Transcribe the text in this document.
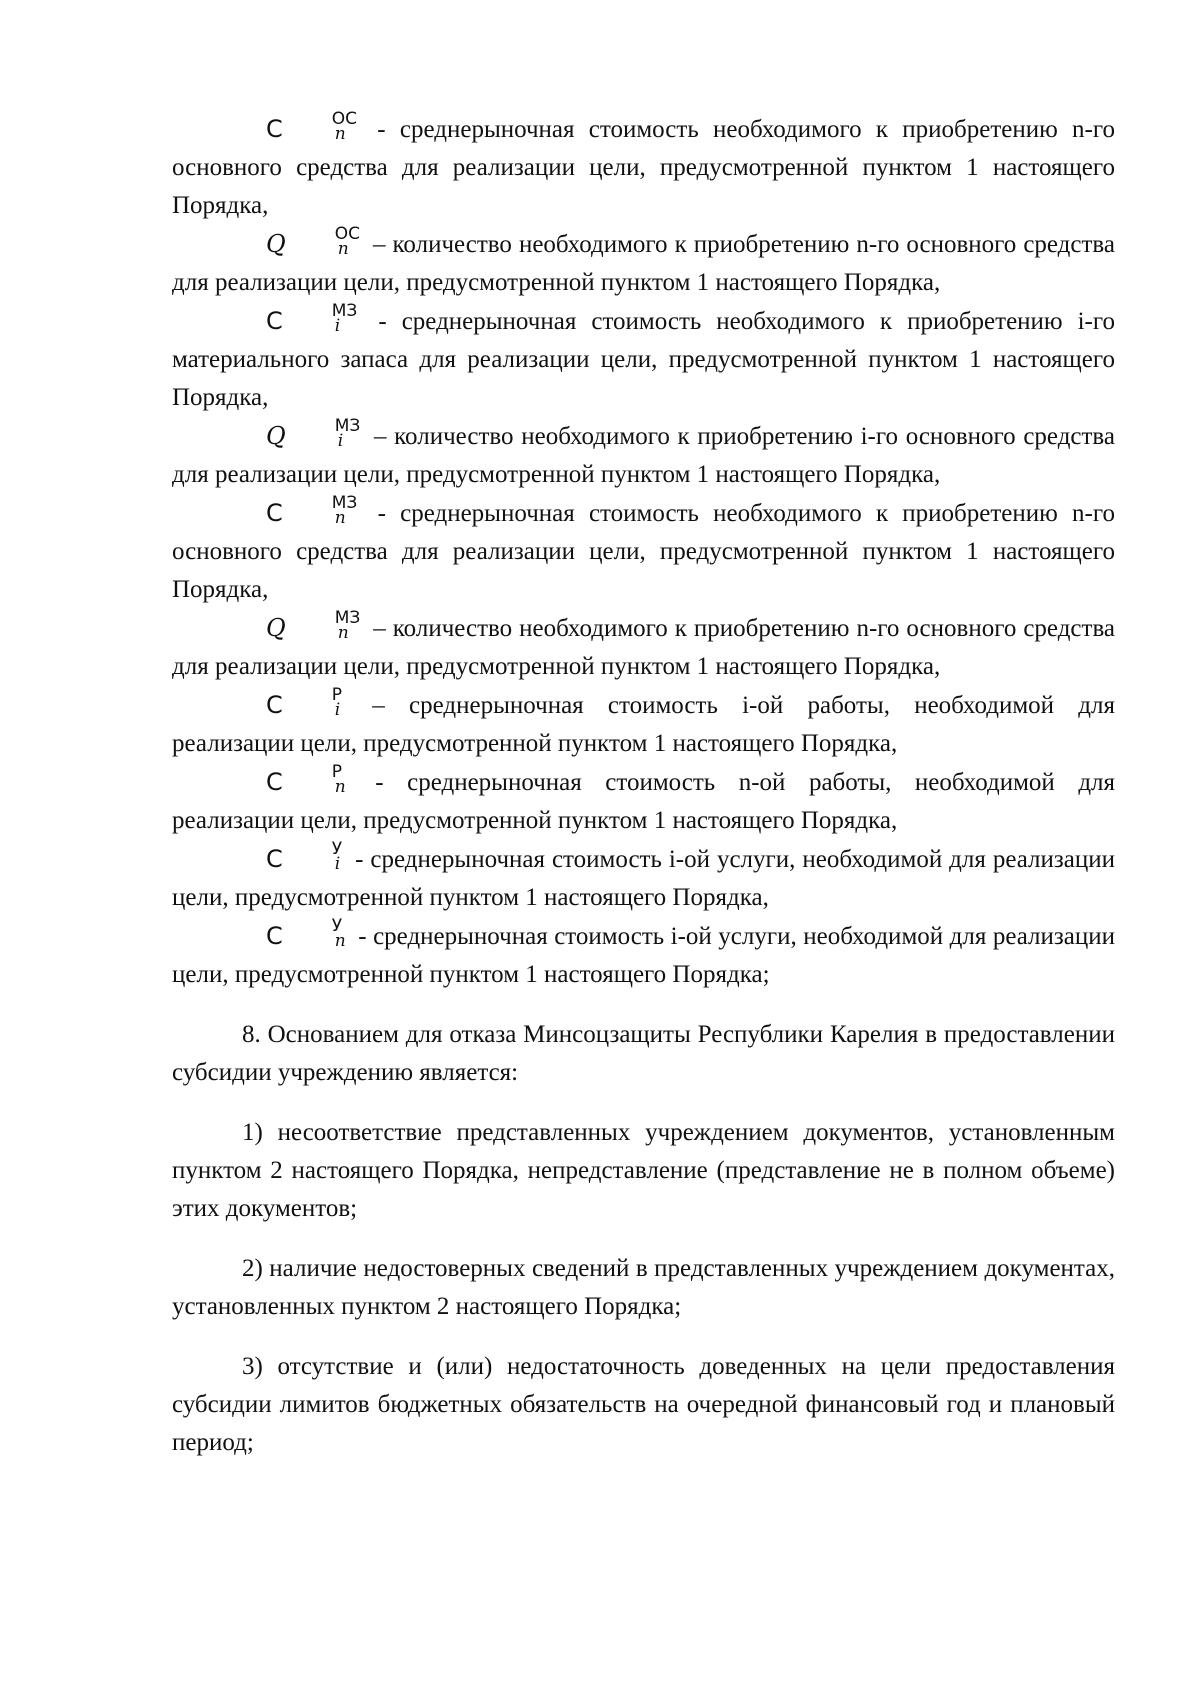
С	ОС
n	- среднерыночная стоимость необходимого к приобретению n-го основного средства для реализации цели, предусмотренной пунктом 1 настоящего Порядка,

Q	ОС
n – количество необходимого к приобретению n-го основного средства для реализации цели, предусмотренной пунктом 1 настоящего Порядка,

С	МЗ
i	- среднерыночная стоимость необходимого к приобретению i-го материального запаса для реализации цели, предусмотренной пунктом 1 настоящего Порядка,

Q	МЗ
i	– количество необходимого к приобретению i-го основного средства для реализации цели, предусмотренной пунктом 1 настоящего Порядка,

С	МЗ
n	- среднерыночная стоимость необходимого к приобретению n-го основного средства для реализации цели, предусмотренной пунктом 1 настоящего Порядка,

Q	МЗ
n – количество необходимого к приобретению n-го основного средства для реализации цели, предусмотренной пунктом 1 настоящего Порядка,

С	Р
i – среднерыночная стоимость i-ой работы, необходимой для реализации цели, предусмотренной пунктом 1 настоящего Порядка,

С	Р
n - среднерыночная стоимость n-ой работы, необходимой для реализации цели, предусмотренной пунктом 1 настоящего Порядка,

С	У
i - среднерыночная стоимость i-ой услуги, необходимой для реализации цели, предусмотренной пунктом 1 настоящего Порядка,

С	У
n - среднерыночная стоимость i-ой услуги, необходимой для реализации цели, предусмотренной пунктом 1 настоящего Порядка;

8. Основанием для отказа Минсоцзащиты Республики Карелия в предоставлении субсидии учреждению является:

1) несоответствие представленных учреждением документов, установленным пунктом 2 настоящего Порядка, непредставление (представление не в полном объеме) этих документов;

2) наличие недостоверных сведений в представленных учреждением документах, установленных пунктом 2 настоящего Порядка;

3) отсутствие и (или) недостаточность доведенных на цели предоставления субсидии лимитов бюджетных обязательств на очередной финансовый год и плановый период;
